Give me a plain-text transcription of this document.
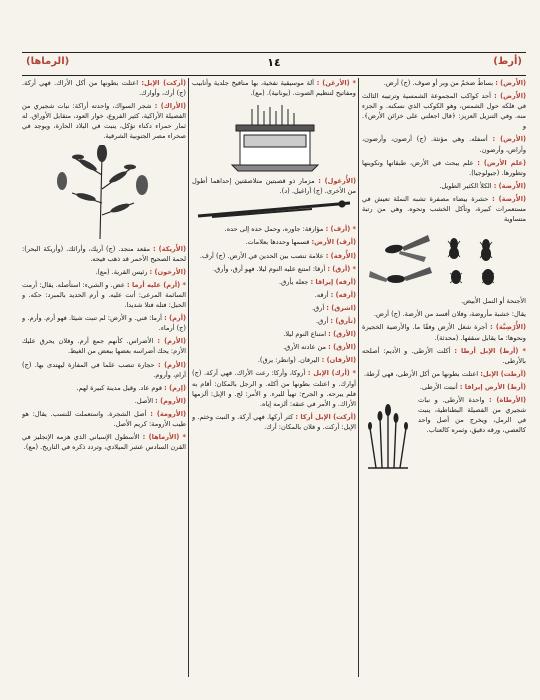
(الرماها)	١٤	(أرط)

(الأَرض) : بساطٌ ضخمٌ من وبر أو صوف. (ج) أرض.

(الأَرض) : أحد كواكب المجموعة الشمسية وترتيبه الثالث في فلكه حول الشمس، وهو الكوكب الذي نسكنه. و الجزء منه. وفي التنزيل العزيز: ﴿قال اجعلني على خزائن الأرض﴾. و

(الأرض) : أسفله. وهي مؤنثة. (ج) أرضون، وأرضون، وأراض، وأرضون.

(علم الأرض) : علم يبحث في الأرض، طبقاتها وتكوينها وتطورها. (جيولوجيا).

(الأَرضة) : الكلأ الكثير الطويل.

(الأَرضة) : حشرة بيضاء مصفرة تشبه النملة تعيش في مستعمرات كبيرة، وتأكل الخشب ونحوه. وهي من رتبة متساوية

الأجنحة أو النمل الأبيض.

يقال: خشبة مأروضة، وفلان أفسد من الأرضة. (ج) أرض.

(الأُرْضِيَّة) : أجرة شغل الأرض وفقًا ما. والأرضية الخجيرة ونحوها: ما يقابل سقفها. (محدثة).

* (أرط) الإبل أرطا : أكلت الأرطى. و الأديم: أصلحه بالأرطى.

(آرطت) الإبل: اعتلت بطونها من أكل الأرطى، فهي آرطة.

(أرط) الأرض إيرافا : أنبتت الأرطى.

(الأرطاة) : واحدة الأرطى. و نبات شجيري من الفصيلة البطناطية، ينبت في الرمل، ويخرج من أصل واحد كالعصي، ورقه دقيق، وثمره كالعناب.

* (الأرغن) : آلة موسيقية نفخية، بها منافيخ جلدية وأنابيب ومفاتيح لتنظيم الصوت. (يونانية). (مع).

(الأُرغول) : مزمار ذو قصبتين متلاصقتين إحداهما أطول من الأخرى. (ج) أراغيل. (د).

* (أرف) : مؤارفة: جاوره، وحمل حده إلى حده.

(أرف) الأرض: قسمها وحددها بعلامات.

(الأُرفة) : علامة تنصب بين الحدين في الأرض. (ج) أرف.

* (أرق) : أرقا: امتنع عليه النوم ليلا. فهو أرق، وأرق.

(أرقه) إيراقا : جعله يأرق.

(أرقه) : أرقه.

(اشرق) : أرق.

(تأرق) : أرق.

(الأرق) : امتناع النوم ليلا.

(الأرق) : من عادته الأرق.

(الأرقان) : اليرقان. (وانظر: يرق).

* (أرك) الإبل : أروكا، وأركا: رعت الأراك. فهي آركة. (ج) أوارك. و اعتلت بطونها من أكله. و الرجل بالمكان: أقام به فلم يبرحه. و الجرح: تهيأ للبرء. و الأمر: لج. و الإبل: ألزمها الأراك. و الأمر في عنقه: ألزمه إياه.

(أركت) الإبل أركا : كثر أركها. فهي آركة. و النبت وخثم. و الإبل: أركت. و فلان بالمكان: أرك.

(أركت) الإبل: اعتلت بطونها من أكل الأراك. فهي أركة. (ج) أرك، وأوارك.

(الأراك) : شجر السواك، واحدته أراكة: نبات شجيري من الفصيلة الأراكية، كثير الفروع، خوار العود، متقابل الأوراق. له ثمار حمراء دكناء تؤكل، ينبت في البلاد الحارة، ويوجد في صحراء مصر الجنوبية الشرقية.

(الأَريكة) : مقعد منجد. (ج) أريك، وأرائك. (وأريكة البحر): لحمة الصحيح الأحمر قد ذهب فيحه.

(الأرخون) : رئيس القرية. (مع).

* (أرم) عليه أرما : عض. و الشيء: استأصله. يقال: أرمت السائمة المرعى: أتت عليه. و أرم الحديد بالمبرد: حكه. و الحبل: فتله فتلا شديدا.

(أرم) : أرما: فني. و الأرض: لم تنبت شيئا. فهو أرم. وأرم. و (ج) أرماء.

(الأرم) : الأضراس. كأنهم جمع أرم. وفلان يحرق عليك الأرم: يحك أضراسه بعضها ببعض من الغيظ.

(الأرم) : حجارة تنصب علما في المفازة ليهتدى بها. (ج) آرام، وأروم.

(إرم) : قوم عاد. وقيل مدينة كبيرة لهم.

(الأروم) : الأصل.

(الأرومة) : أصل الشجرة. واستعملت للنسب. يقال: هو طيب الأرومة: كريم الأصل.

* (الأرماها) : الأسطول الإسباني الذي هزمه الإنجليز في القرن السادس عشر الميلادي، وتردد ذكره في التاريخ. (مع).
